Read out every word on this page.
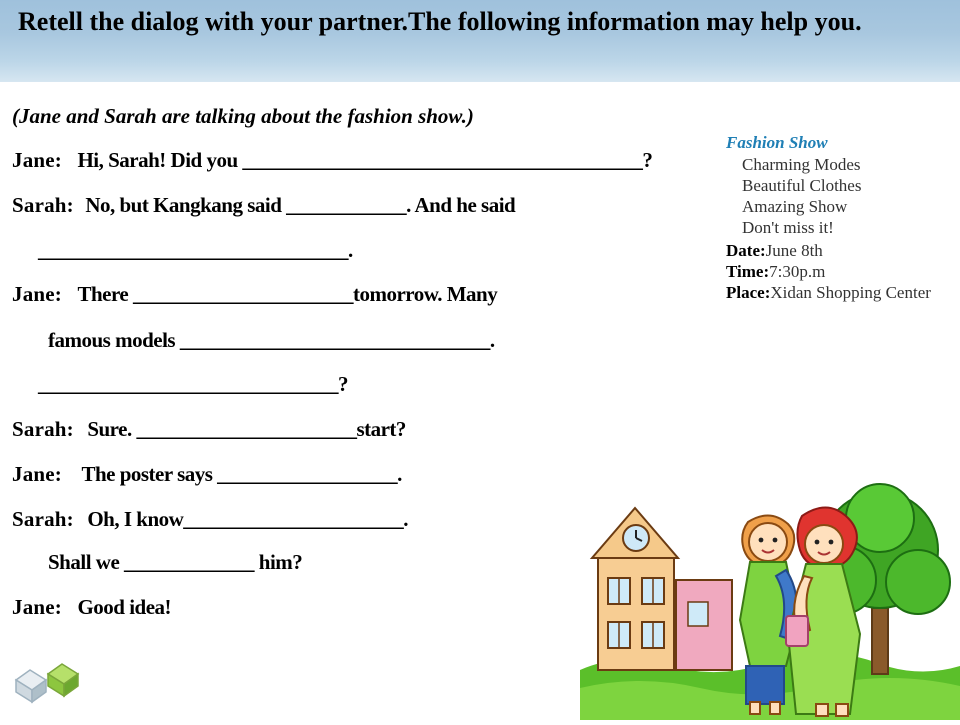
Retell the dialog with your partner.The following information may help you.
(Jane and Sarah are talking about the fashion show.)
Jane: Hi, Sarah! Did you ________________________________________?
Sarah: No, but Kangkang said ____________. And he said
_______________________________.
Jane: There ______________________tomorrow. Many
famous models _______________________________.
______________________________?
Sarah: Sure. ______________________start?
Jane: The poster says __________________.
Sarah: Oh, I know______________________.
Shall we _____________ him?
Jane: Good idea!
Fashion Show
Charming Modes
Beautiful Clothes
Amazing Show
Don't miss it!
Date:June 8th
Time:7:30p.m
Place:Xidan Shopping Center
